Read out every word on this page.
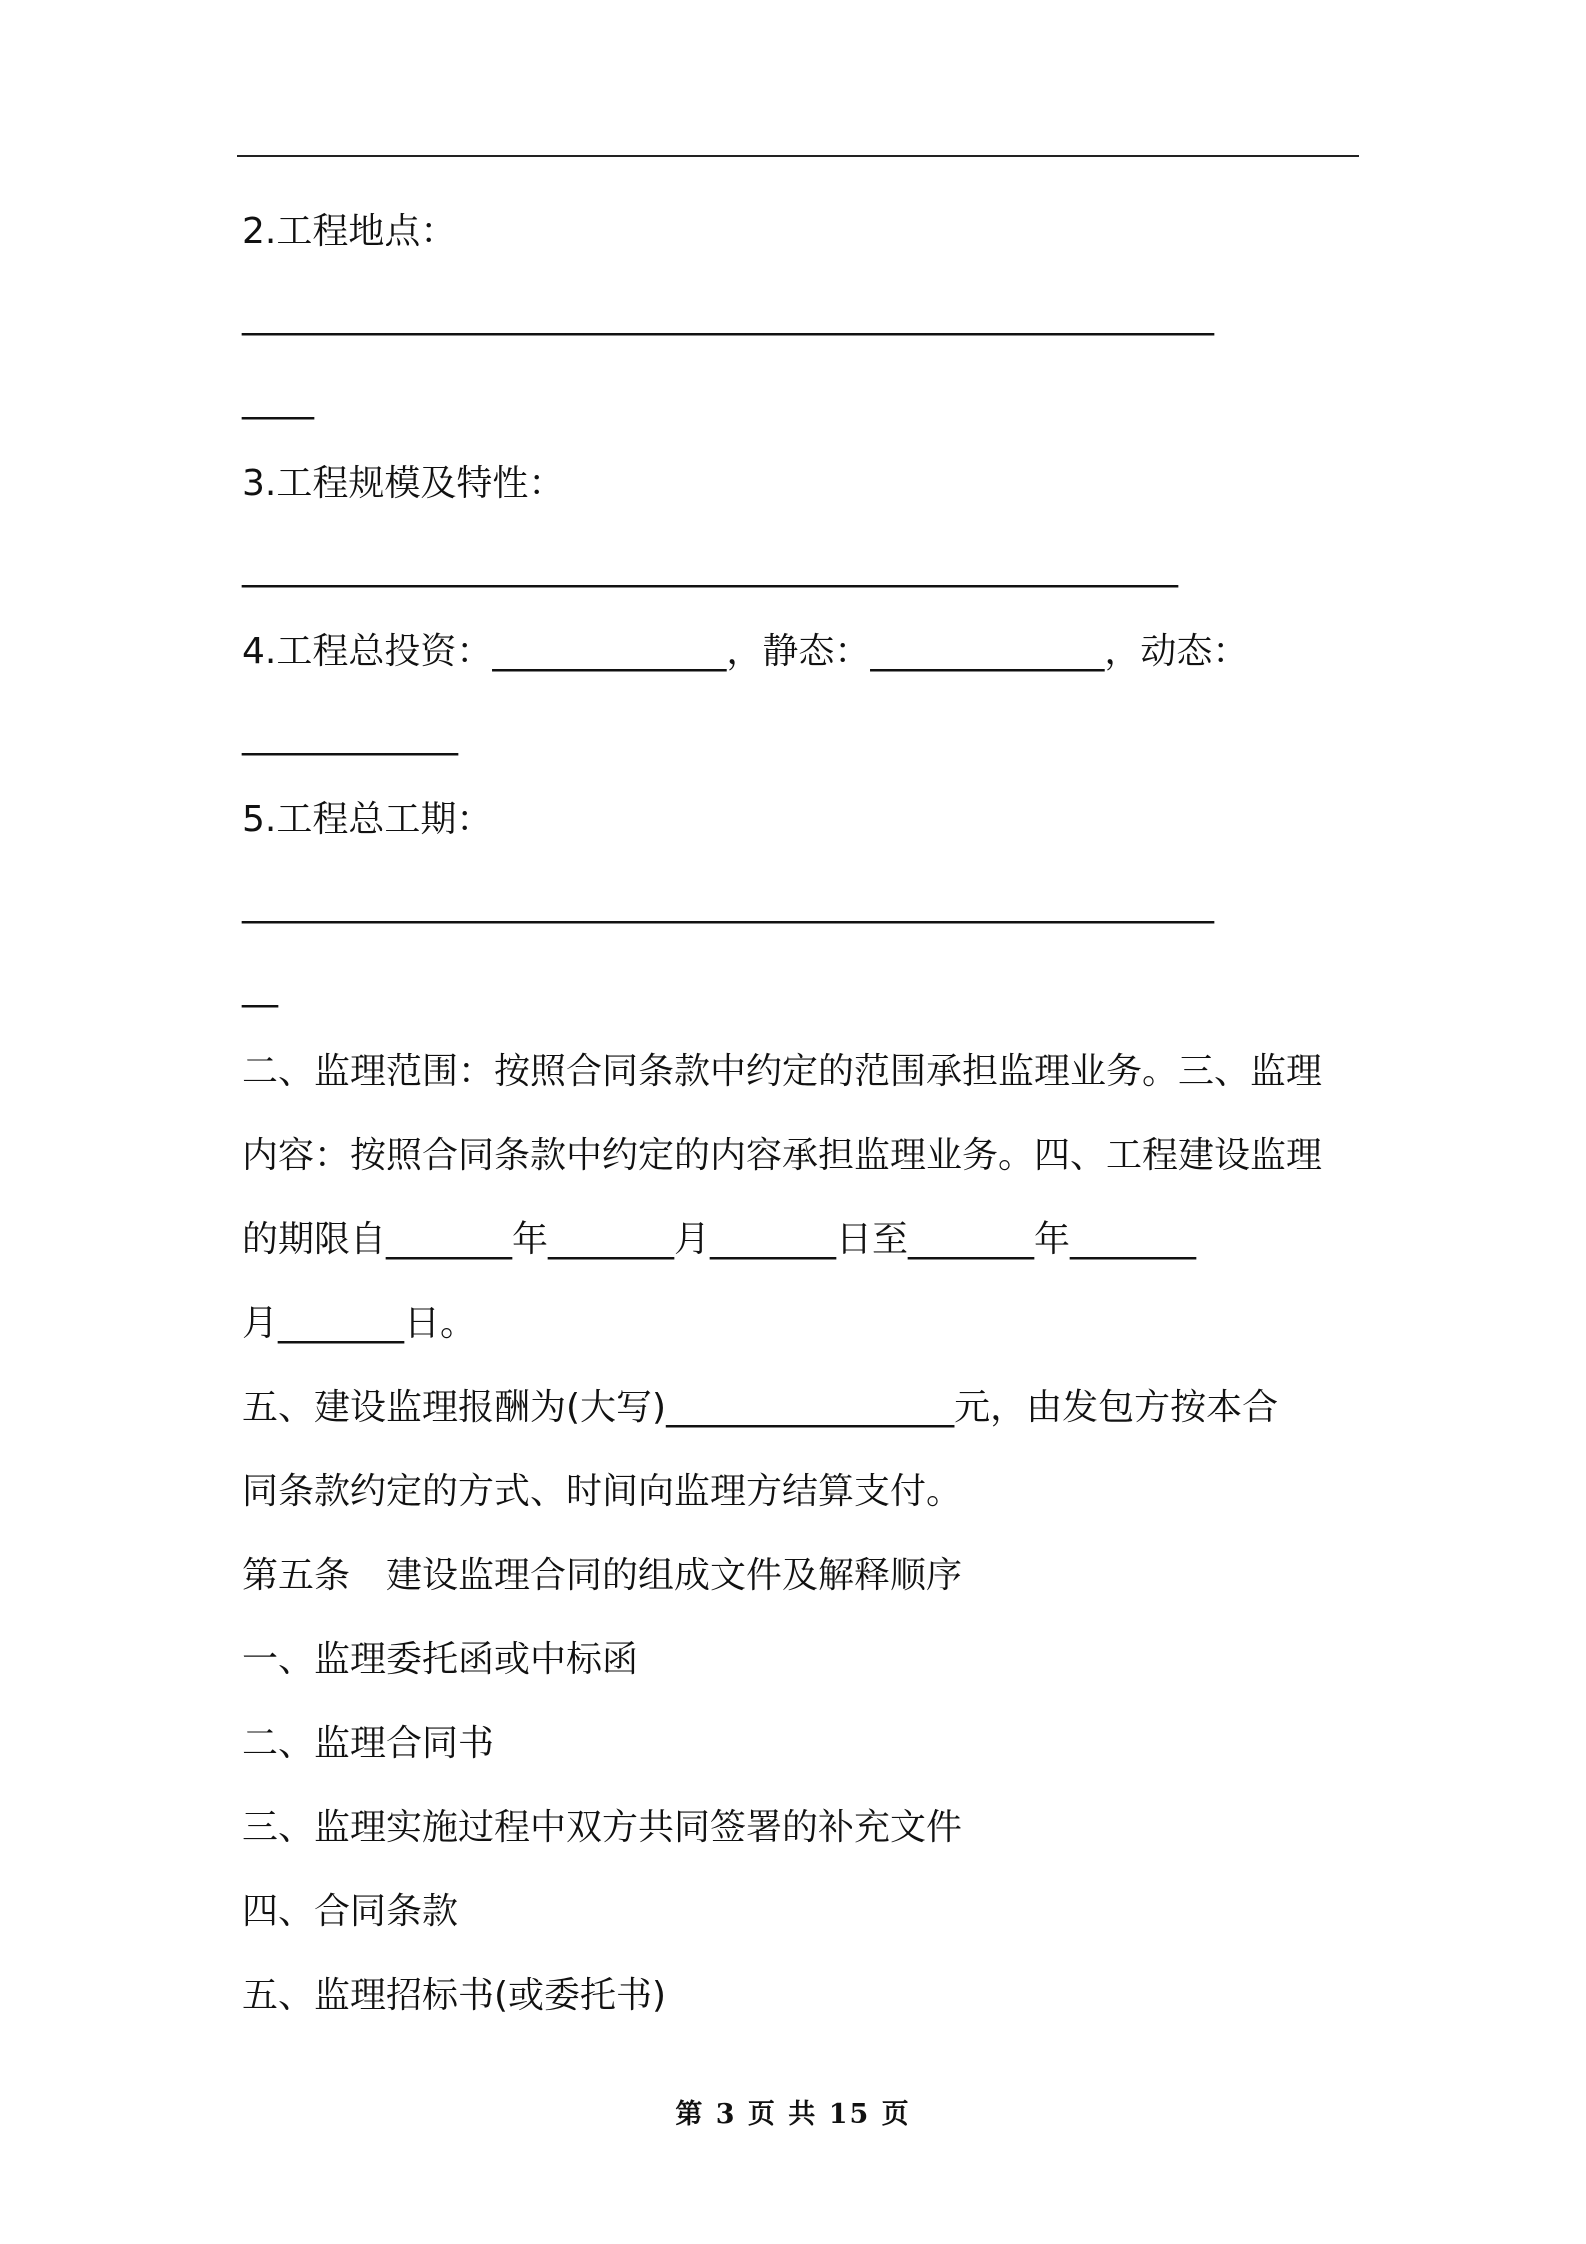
2.工程地点：
______________________________________________________
____
3.工程规模及特性：
____________________________________________________
4.工程总投资：_____________，静态：_____________，动态：
____________
5.工程总工期：
______________________________________________________
__
二、监理范围：按照合同条款中约定的范围承担监理业务。三、监理
内容：按照合同条款中约定的内容承担监理业务。四、工程建设监理
的期限自_______年_______月_______日至_______年_______
月_______日。
五、建设监理报酬为(大写)________________元，由发包方按本合
同条款约定的方式、时间向监理方结算支付。
第五条　建设监理合同的组成文件及解释顺序
一、监理委托函或中标函
二、监理合同书
三、监理实施过程中双方共同签署的补充文件
四、合同条款
五、监理招标书(或委托书)
第 3 页 共 15 页
